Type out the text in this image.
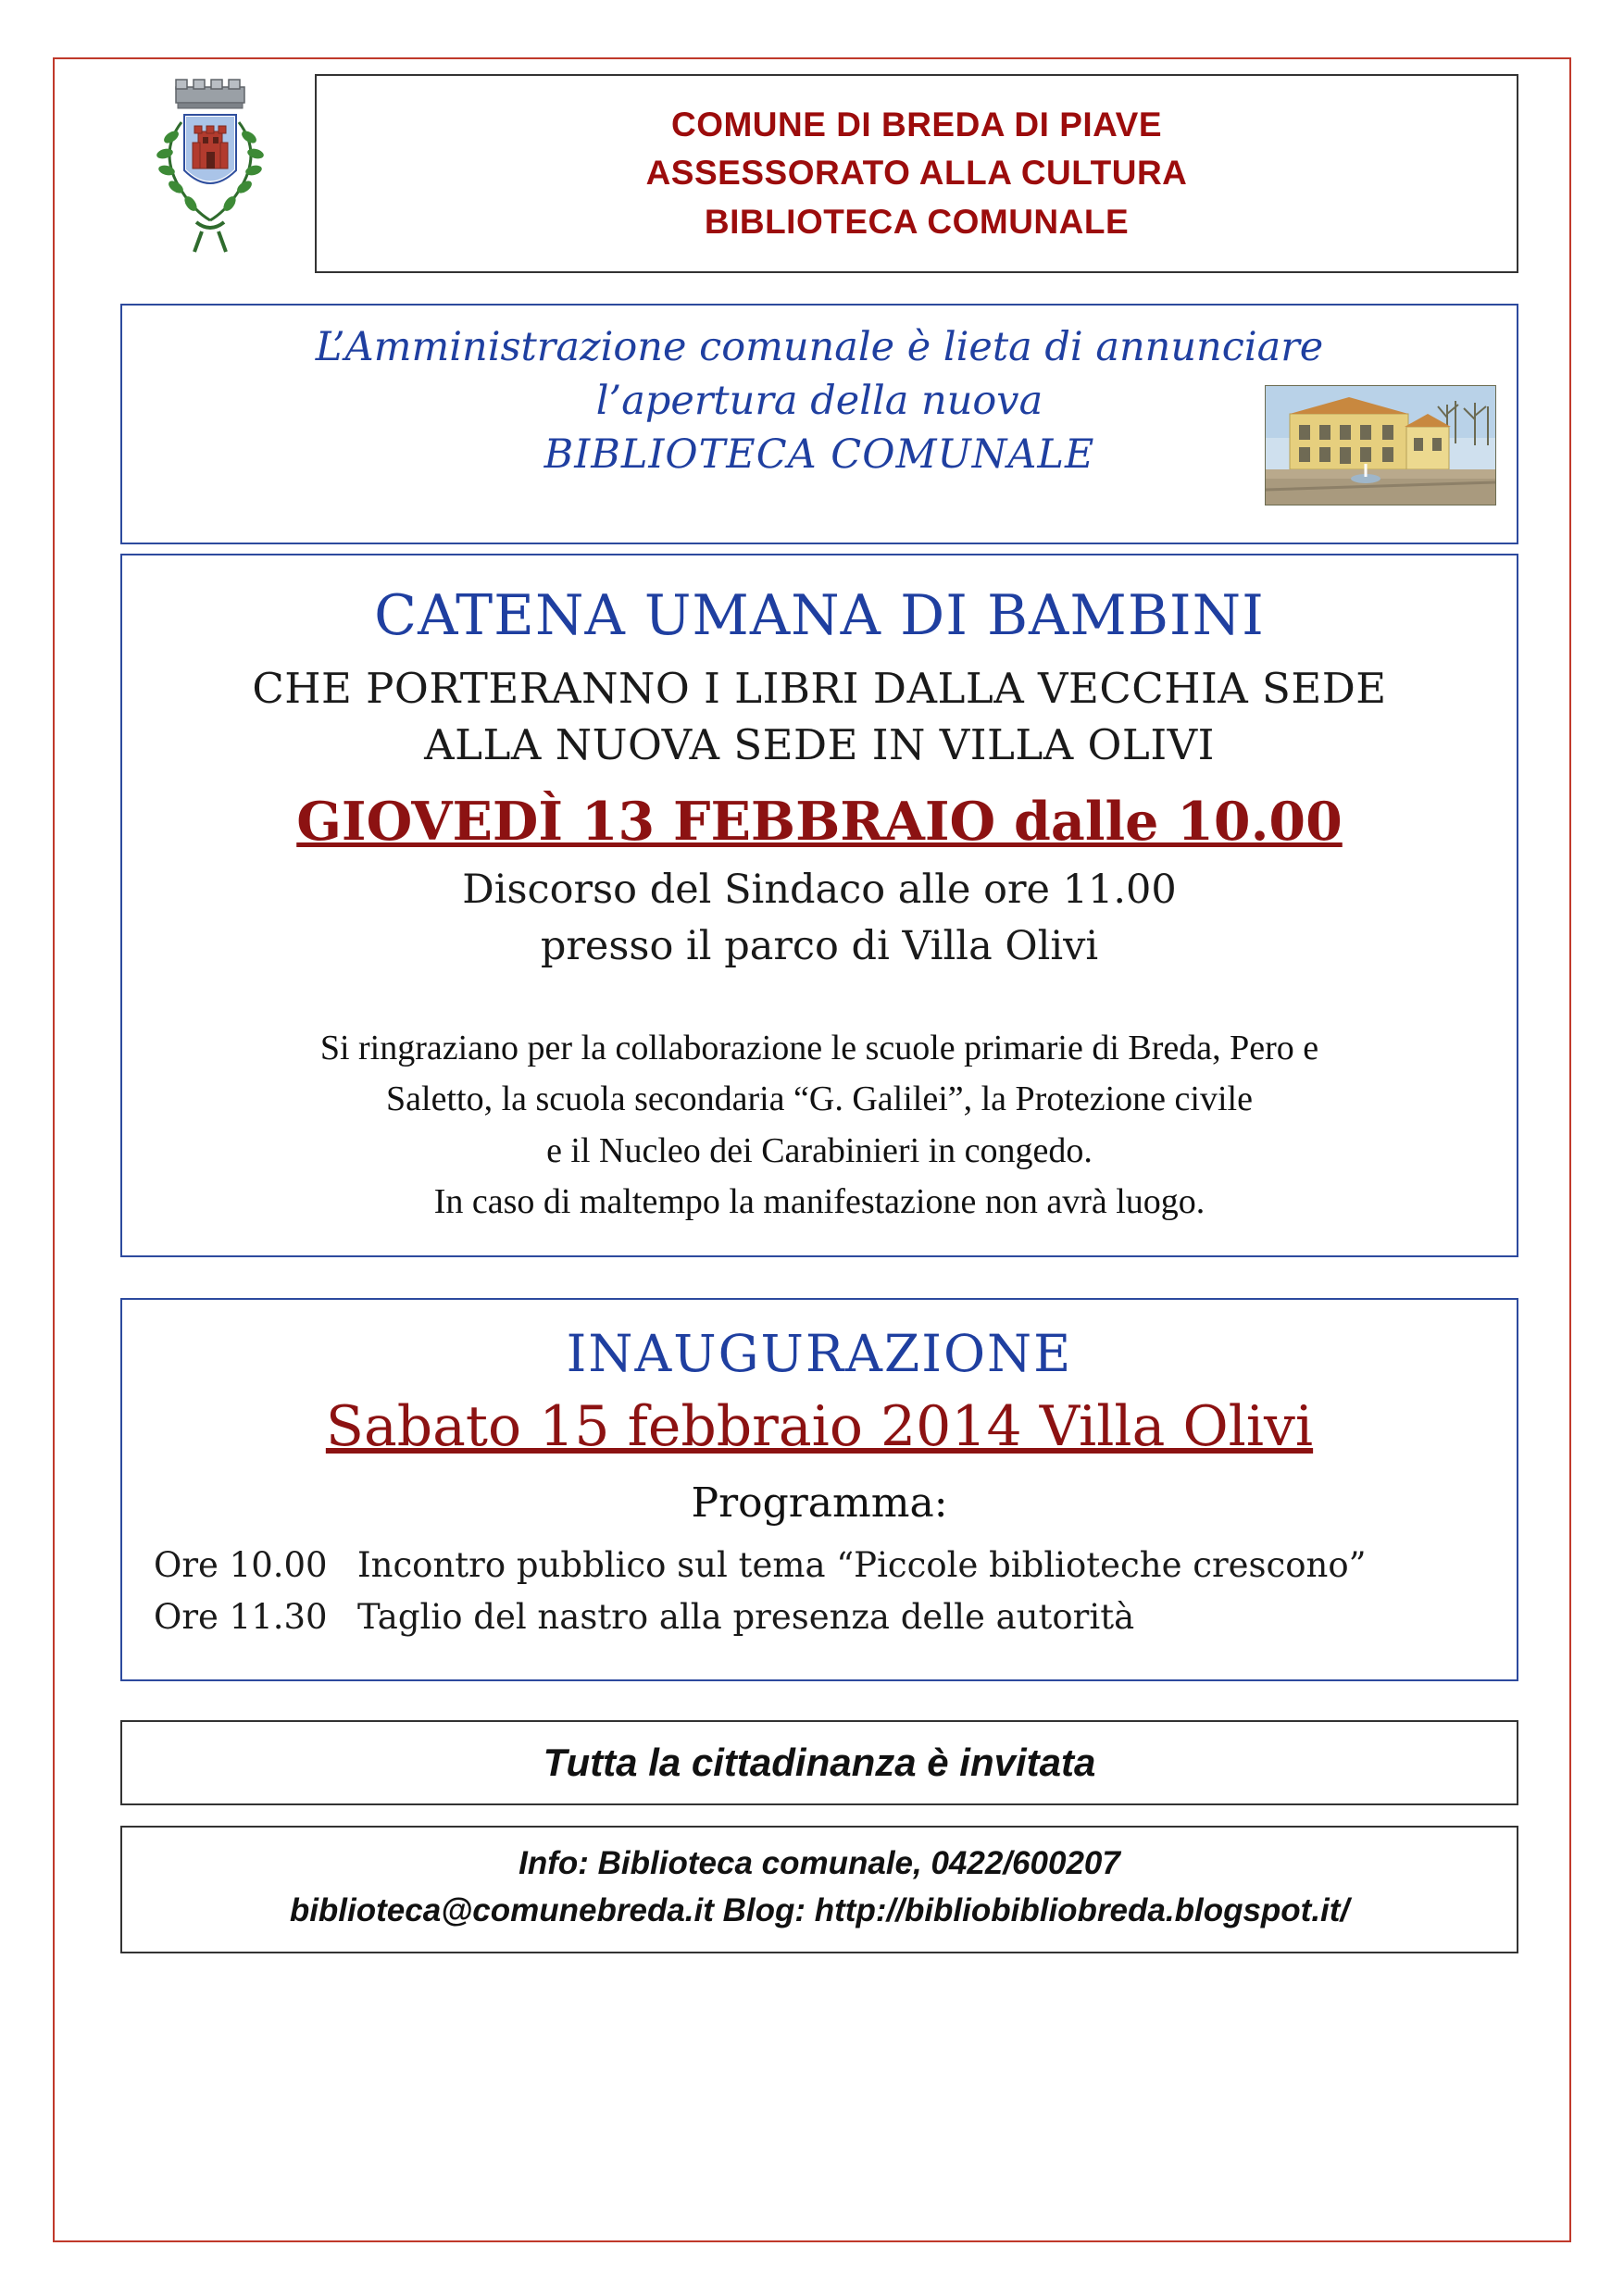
COMUNE DI BREDA DI PIAVE
ASSESSORATO ALLA CULTURA
BIBLIOTECA COMUNALE
L’Amministrazione comunale è lieta di annunciare
l’apertura della nuova
BIBLIOTECA COMUNALE
CATENA UMANA DI BAMBINI
CHE PORTERANNO I LIBRI DALLA VECCHIA SEDE
ALLA NUOVA SEDE IN VILLA OLIVI
GIOVEDÌ 13 FEBBRAIO dalle 10.00
Discorso del Sindaco alle ore 11.00
presso il parco di Villa Olivi
Si ringraziano per la collaborazione le scuole primarie di Breda, Pero e
Saletto, la scuola secondaria “G. Galilei”, la Protezione civile
e il Nucleo dei Carabinieri in congedo.
In caso di maltempo la manifestazione non avrà luogo.
INAUGURAZIONE
Sabato 15 febbraio 2014 Villa Olivi
Programma:
Ore 10.00 Incontro pubblico sul tema “Piccole biblioteche crescono”
Ore 11.30 Taglio del nastro alla presenza delle autorità
Tutta la cittadinanza è invitata
Info: Biblioteca comunale, 0422/600207
biblioteca@comunebreda.it Blog: http://bibliobibliobreda.blogspot.it/
